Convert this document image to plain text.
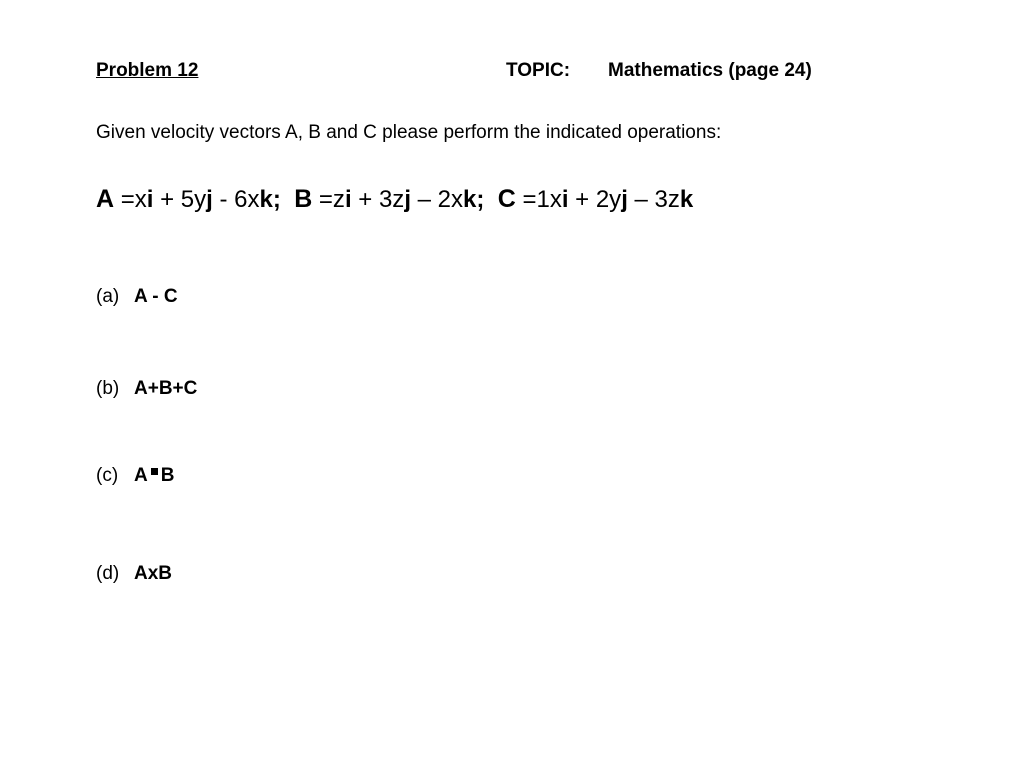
Problem 12	TOPIC: Mathematics (page 24)
Given velocity vectors A, B and C please perform the indicated operations:
A =xi + 5yj - 6xk; B =zi + 3zj – 2xk; C =1xi + 2yj – 3zk
(a) A - C
(b) A+B+C
(c) A B
(d) AxB
